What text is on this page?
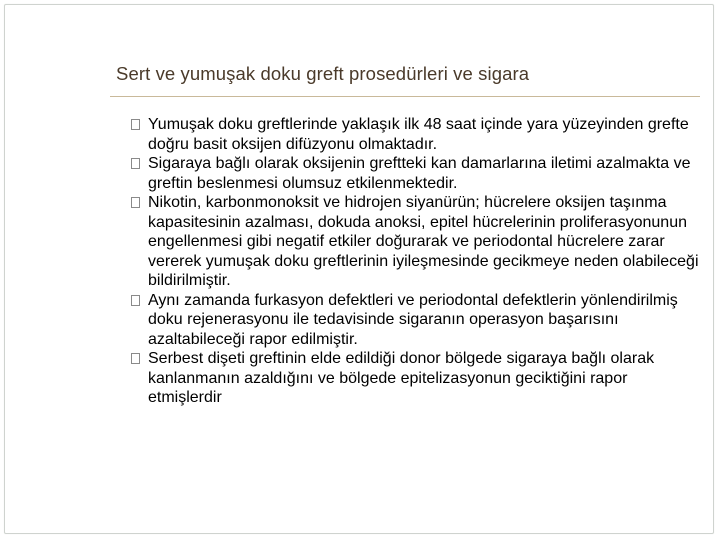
Sert ve yumuşak doku greft prosedürleri ve sigara
Yumuşak doku greftlerinde yaklaşık ilk 48 saat içinde yara yüzeyinden grefte doğru basit oksijen difüzyonu olmaktadır.
Sigaraya bağlı olarak oksijenin greftteki kan damarlarına iletimi azalmakta ve greftin beslenmesi olumsuz etkilenmektedir.
Nikotin, karbonmonoksit ve hidrojen siyanürün; hücrelere oksijen taşınma kapasitesinin azalması, dokuda anoksi, epitel hücrelerinin proliferasyonunun engellenmesi gibi negatif etkiler doğurarak ve periodontal hücrelere zarar vererek yumuşak doku greftlerinin iyileşmesinde gecikmeye neden olabileceği bildirilmiştir.
Aynı zamanda furkasyon defektleri ve periodontal defektlerin yönlendirilmiş doku rejenerasyonu ile tedavisinde sigaranın operasyon başarısını azaltabileceği rapor edilmiştir.
Serbest dişeti greftinin elde edildiği donor bölgede sigaraya bağlı olarak kanlanmanın azaldığını ve bölgede epitelizasyonun geciktiğini rapor etmişlerdir
